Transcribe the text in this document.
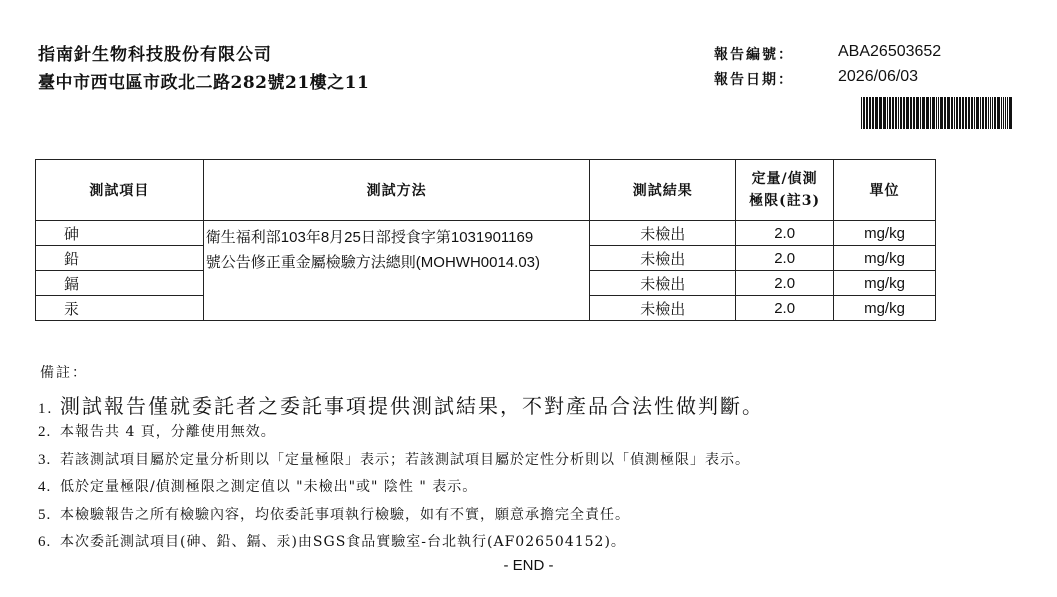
指南針生物科技股份有限公司
臺中市西屯區市政北二路282號21樓之11
報告編號：	ABA26503652
報告日期：	2026/06/03
測試項目	測試方法	測試結果	定量/偵測
極限(註3)	單位
砷	衛生福利部103年8月25日部授食字第1031901169
號公告修正重金屬檢驗方法總則(MOHWH0014.03)	未檢出	2.0	mg/kg
鉛		未檢出	2.0	mg/kg
鎘		未檢出	2.0	mg/kg
汞		未檢出	2.0	mg/kg
備註：
1. 測試報告僅就委託者之委託事項提供測試結果，不對產品合法性做判斷。
2. 本報告共 4 頁，分離使用無效。
3. 若該測試項目屬於定量分析則以「定量極限」表示；若該測試項目屬於定性分析則以「偵測極限」表示。
4. 低於定量極限/偵測極限之測定值以 "未檢出"或" 陰性 " 表示。
5. 本檢驗報告之所有檢驗內容，均依委託事項執行檢驗，如有不實，願意承擔完全責任。
6. 本次委託測試項目(砷、鉛、鎘、汞)由SGS食品實驗室-台北執行(AF026504152)。
- END -
